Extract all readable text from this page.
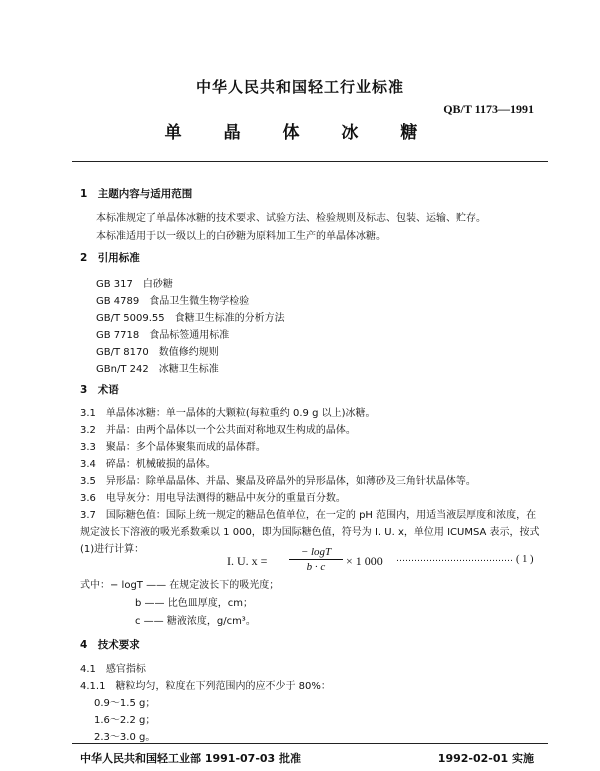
中华人民共和国轻工行业标准
QB/T 1173—1991
单 晶 体 冰 糖
1　主题内容与适用范围
本标准规定了单晶体冰糖的技术要求、试验方法、检验规则及标志、包装、运输、贮存。
本标准适用于以一级以上的白砂糖为原料加工生产的单晶体冰糖。
2　引用标准
GB 317　白砂糖
GB 4789　食品卫生微生物学检验
GB/T 5009.55　食糖卫生标准的分析方法
GB 7718　食品标签通用标准
GB/T 8170　数值修约规则
GBn/T 242　冰糖卫生标准
3　术语
3.1　单晶体冰糖：单一晶体的大颗粒(每粒重约 0.9 g 以上)冰糖。
3.2　并晶：由两个晶体以一个公共面对称地双生构成的晶体。
3.3　聚晶：多个晶体聚集而成的晶体群。
3.4　碎晶：机械破损的晶体。
3.5　异形晶：除单晶晶体、并晶、聚晶及碎晶外的异形晶体，如薄砂及三角针状晶体等。
3.6　电导灰分：用电导法测得的糖品中灰分的重量百分数。
3.7　国际糖色值：国际上统一规定的糖品色值单位，在一定的 pH 范围内，用适当液层厚度和浓度，在
规定波长下溶液的吸光系数乘以 1 000，即为国际糖色值，符号为 I. U. x，单位用 ICUMSA 表示，按式
(1)进行计算：
I. U. $x = \frac{- \log T}{b \cdot c} \times 1$ 000 ………………………………… ( 1 )
式中：− logT —— 在规定波长下的吸光度；
b —— 比色皿厚度，cm；
c —— 糖液浓度，g/cm³。
4　技术要求
4.1　感官指标
4.1.1　糖粒均匀，粒度在下列范围内的应不少于 80%：
0.9～1.5 g；
1.6～2.2 g；
2.3～3.0 g。
中华人民共和国轻工业部 1991-07-03 批准	1992-02-01 实施
